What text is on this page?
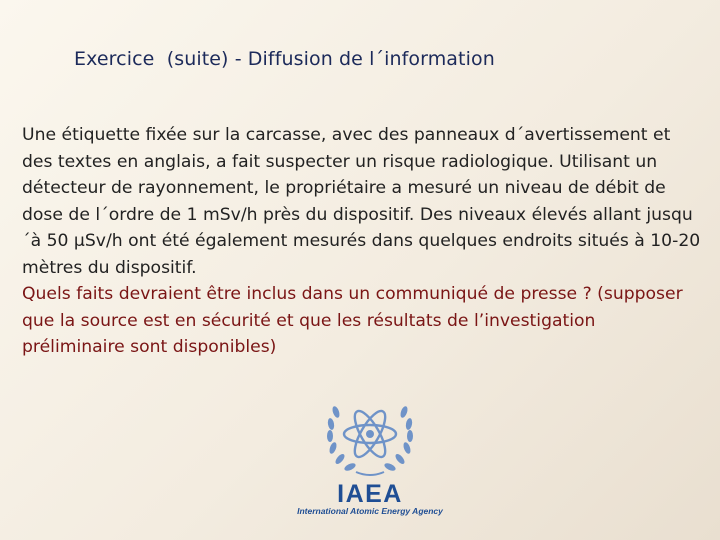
Exercice  (suite) - Diffusion de l´information

Une étiquette fixée sur la carcasse, avec des panneaux d´avertissement et des textes en anglais, a fait suspecter un risque radiologique. Utilisant un détecteur de rayonnement, le propriétaire a mesuré un niveau de débit de dose de l´ordre de 1 mSv/h près du dispositif. Des niveaux élevés allant jusqu´à 50 µSv/h ont été également mesurés dans quelques endroits situés à 10-20 mètres du dispositif.

Quels faits devraient être inclus dans un communiqué de presse ? (supposer que la source est en sécurité et que les résultats de l’investigation préliminaire sont disponibles)

IAEA
International Atomic Energy Agency
